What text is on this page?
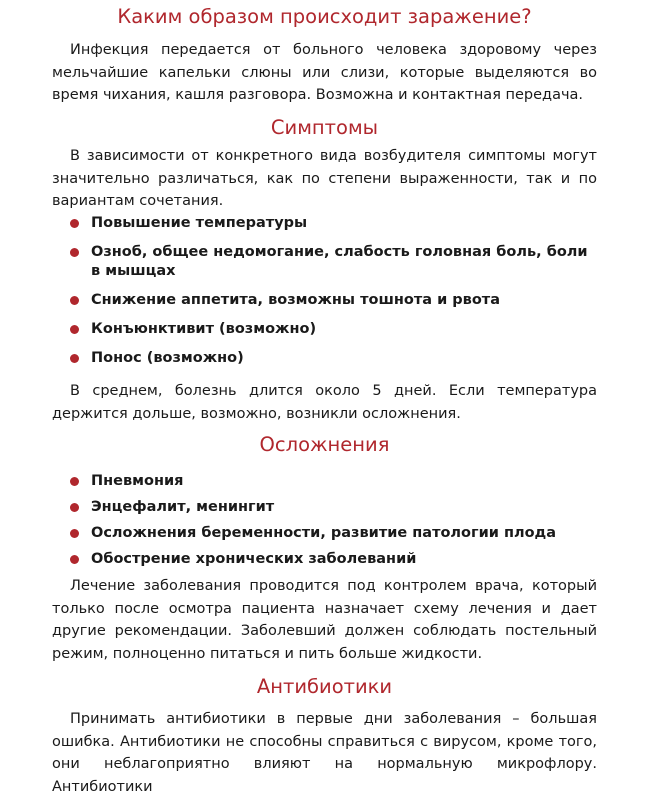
Каким образом происходит заражение?

Инфекция передается от больного человека здоровому через мельчайшие капельки слюны или слизи, которые выделяются во время чихания, кашля разговора. Возможна и контактная передача.

Симптомы

В зависимости от конкретного вида возбудителя симптомы могут значительно различаться, как по степени выраженности, так и по вариантам сочетания.

Повышение температуры
Озноб, общее недомогание, слабость головная боль, боли в мышцах
Снижение аппетита, возможны тошнота и рвота
Конъюнктивит (возможно)
Понос (возможно)

В среднем, болезнь длится около 5 дней. Если температура держится дольше, возможно, возникли осложнения.

Осложнения
Пневмония
Энцефалит, менингит
Осложнения беременности, развитие патологии плода
Обострение хронических заболеваний

Лечение заболевания проводится под контролем врача, который только после осмотра пациента назначает схему лечения и дает другие рекомендации. Заболевший должен соблюдать постельный режим, полноценно питаться и пить больше жидкости.

Антибиотики

Принимать антибиотики в первые дни заболевания – большая ошибка. Антибиотики не способны справиться с вирусом, кроме того, они неблагоприятно влияют на нормальную микрофлору. Антибиотики
